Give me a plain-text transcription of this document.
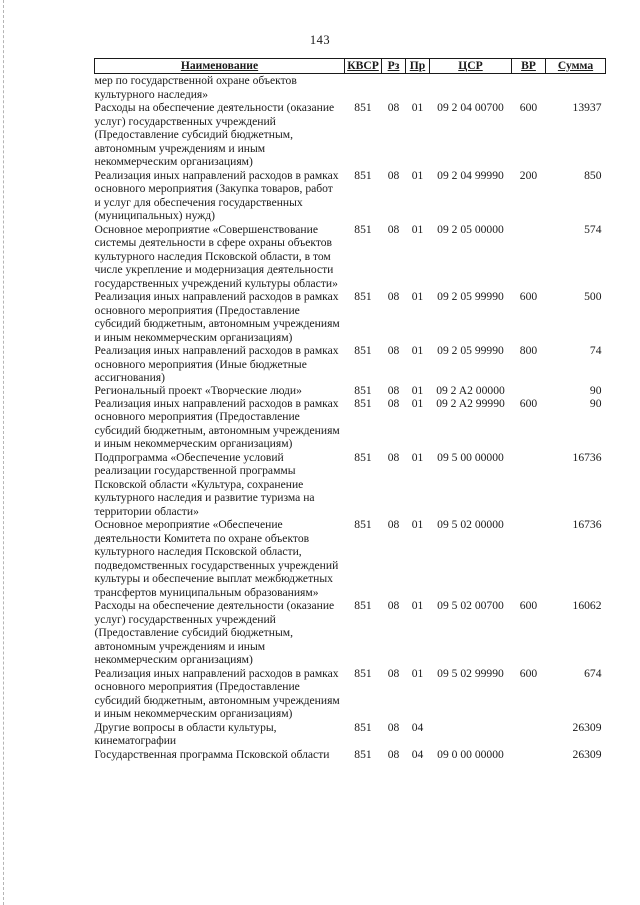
143
Наименование	КВСР	Рз	Пр	ЦСР	ВР	Сумма
мер по государственной охране объектов культурного наследия»						
Расходы на обеспечение деятельности (оказание услуг) государственных учреждений (Предоставление субсидий бюджетным, автономным учреждениям и иным некоммерческим организациям)	851	08	01	09 2 04 00700	600	13937
Реализация иных направлений расходов в рамках основного мероприятия (Закупка товаров, работ и услуг для обеспечения государственных (муниципальных) нужд)	851	08	01	09 2 04 99990	200	850
Основное мероприятие «Совершенствование системы деятельности в сфере охраны объектов культурного наследия Псковской области, в том числе укрепление и модернизация деятельности государственных учреждений культуры области»	851	08	01	09 2 05 00000		574
Реализация иных направлений расходов в рамках основного мероприятия (Предоставление субсидий бюджетным, автономным учреждениям и иным некоммерческим организациям)	851	08	01	09 2 05 99990	600	500
Реализация иных направлений расходов в рамках основного мероприятия (Иные бюджетные ассигнования)	851	08	01	09 2 05 99990	800	74
Региональный проект «Творческие люди»	851	08	01	09 2 A2 00000		90
Реализация иных направлений расходов в рамках основного мероприятия (Предоставление субсидий бюджетным, автономным учреждениям и иным некоммерческим организациям)	851	08	01	09 2 A2 99990	600	90
Подпрограмма «Обеспечение условий реализации государственной программы Псковской области «Культура, сохранение культурного наследия и развитие туризма на территории области»	851	08	01	09 5 00 00000		16736
Основное мероприятие «Обеспечение деятельности Комитета по охране объектов культурного наследия Псковской области, подведомственных государственных учреждений культуры и обеспечение выплат межбюджетных трансфертов муниципальным образованиям»	851	08	01	09 5 02 00000		16736
Расходы на обеспечение деятельности (оказание услуг) государственных учреждений (Предоставление субсидий бюджетным, автономным учреждениям и иным некоммерческим организациям)	851	08	01	09 5 02 00700	600	16062
Реализация иных направлений расходов в рамках основного мероприятия (Предоставление субсидий бюджетным, автономным учреждениям и иным некоммерческим организациям)	851	08	01	09 5 02 99990	600	674
Другие вопросы в области культуры, кинематографии	851	08	04			26309
Государственная программа Псковской области	851	08	04	09 0 00 00000		26309
